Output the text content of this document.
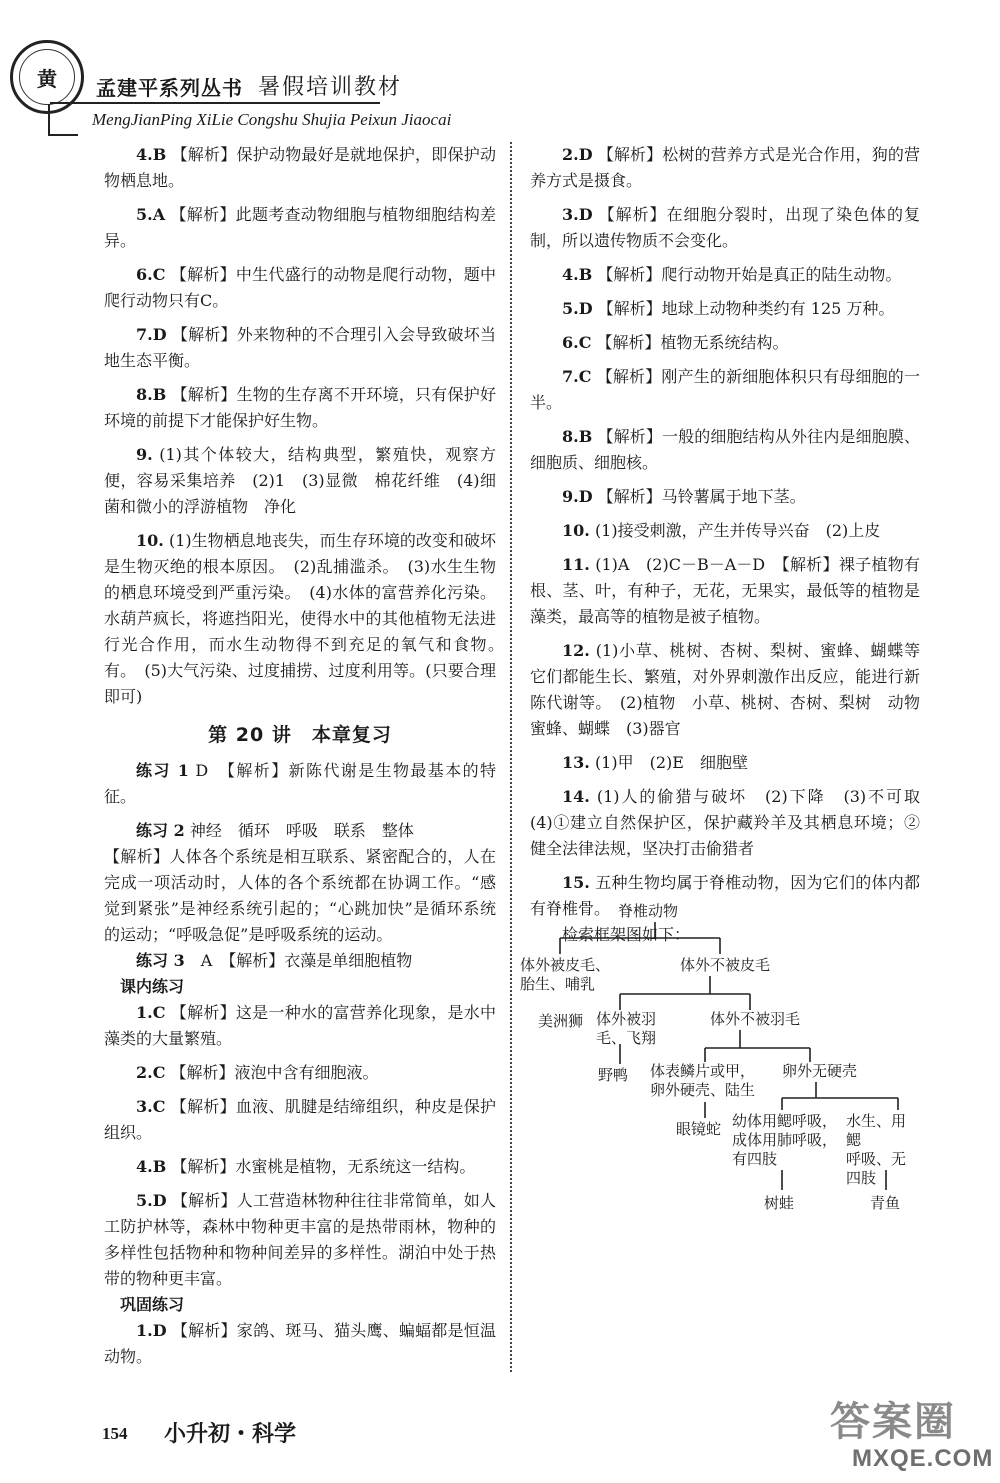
黄	孟建平系列丛书 暑假培训教材
MengJianPing XiLie Congshu Shujia Peixun Jiaocai

4.B 【解析】保护动物最好是就地保护，即保护动物栖息地。

5.A 【解析】此题考查动物细胞与植物细胞结构差异。

6.C 【解析】中生代盛行的动物是爬行动物，题中爬行动物只有C。

7.D 【解析】外来物种的不合理引入会导致破坏当地生态平衡。

8.B 【解析】生物的生存离不开环境，只有保护好环境的前提下才能保护好生物。

9. (1)其个体较大，结构典型，繁殖快，观察方便，容易采集培养　(2)1　(3)显微　棉花纤维　(4)细菌和微小的浮游植物　净化

10. (1)生物栖息地丧失，而生存环境的改变和破坏是生物灭绝的根本原因。　(2)乱捕滥杀。　(3)水生生物的栖息环境受到严重污染。　(4)水体的富营养化污染。水葫芦疯长，将遮挡阳光，使得水中的其他植物无法进行光合作用，而水生动物得不到充足的氧气和食物。　有。　(5)大气污染、过度捕捞、过度利用等。(只要合理即可)

第 20 讲　本章复习

练习 1 D　【解析】新陈代谢是生物最基本的特征。

练习 2 神经　循环　呼吸　联系　整体

【解析】人体各个系统是相互联系、紧密配合的，人在完成一项活动时，人体的各个系统都在协调工作。“感觉到紧张”是神经系统引起的；“心跳加快”是循环系统的运动；“呼吸急促”是呼吸系统的运动。

练习 3　 A　【解析】衣藻是单细胞植物

课内练习

1.C 【解析】这是一种水的富营养化现象，是水中藻类的大量繁殖。

2.C 【解析】液泡中含有细胞液。

3.C 【解析】血液、肌腱是结缔组织，种皮是保护组织。

4.B 【解析】水蜜桃是植物，无系统这一结构。

5.D 【解析】人工营造林物种往往非常简单，如人工防护林等，森林中物种更丰富的是热带雨林，物种的多样性包括物种和物种间差异的多样性。湖泊中处于热带的物种更丰富。

巩固练习

1.D 【解析】家鸽、斑马、猫头鹰、蝙蝠都是恒温动物。

2.D 【解析】松树的营养方式是光合作用，狗的营养方式是摄食。

3.D 【解析】在细胞分裂时，出现了染色体的复制，所以遗传物质不会变化。

4.B 【解析】爬行动物开始是真正的陆生动物。

5.D 【解析】地球上动物种类约有 125 万种。

6.C 【解析】植物无系统结构。

7.C 【解析】刚产生的新细胞体积只有母细胞的一半。

8.B 【解析】一般的细胞结构从外往内是细胞膜、细胞质、细胞核。

9.D 【解析】马铃薯属于地下茎。

10. (1)接受刺激，产生并传导兴奋　(2)上皮

11. (1)A　(2)C－B－A－D　【解析】裸子植物有根、茎、叶，有种子，无花，无果实，最低等的植物是藻类，最高等的植物是被子植物。

12. (1)小草、桃树、杏树、梨树、蜜蜂、蝴蝶等它们都能生长、繁殖，对外界刺激作出反应，能进行新陈代谢等。　(2)植物　小草、桃树、杏树、梨树　动物　蜜蜂、蝴蝶　(3)器官

13. (1)甲　(2)E　细胞壁

14. (1)人的偷猎与破坏　(2)下降　(3)不可取　(4)①建立自然保护区，保护藏羚羊及其栖息环境；②健全法律法规，坚决打击偷猎者

15. 五种生物均属于脊椎动物，因为它们的体内都有脊椎骨。

检索框架图如下：

脊椎动物
体外被皮毛、
胎生、哺乳
体外不被皮毛
美洲狮 体外被羽
毛、飞翔
体外不被羽毛
野鸭 体表鳞片或甲，
卵外硬壳、陆生
卵外无硬壳
眼镜蛇 幼体用鳃呼吸，
成体用肺呼吸，
有四肢
水生、用鳃
呼吸、无
四肢
树蛙	青鱼
154 小升初・科学	答案圈
MXQE.COM
